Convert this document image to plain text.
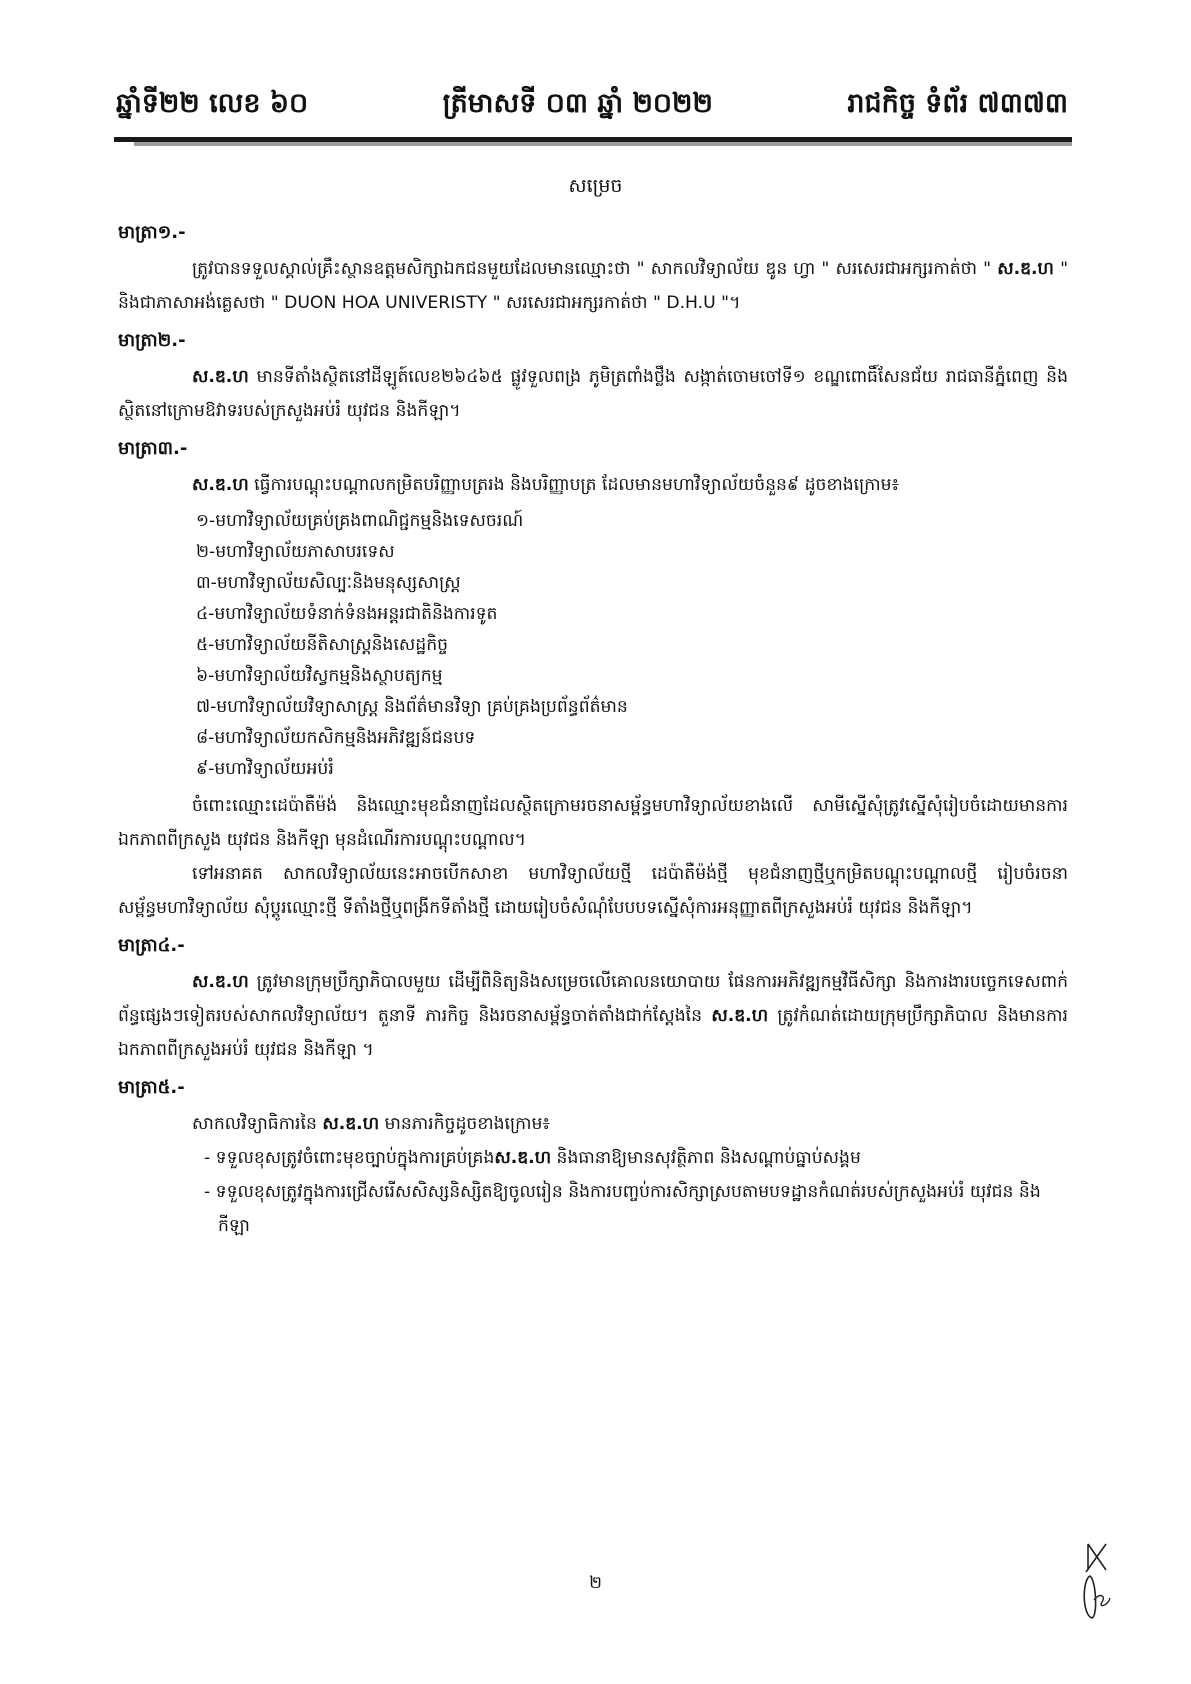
ឆ្នាំទី២២ លេខ ៦០	ត្រីមាសទី ០៣ ឆ្នាំ ២០២២	រាជកិច្ច ទំព័រ ៧៣៧៣
សម្រេច
មាត្រា១.-
ត្រូវបានទទួលស្គាល់គ្រឹះស្ថានឧត្តមសិក្សាឯកជនមួយដែលមានឈ្មោះថា " សាកលវិទ្យាល័យ ឌូន ហ្វា " សរសេរជាអក្សរកាត់ថា " ស.ឌ.ហ " និងជាភាសាអង់គ្លេសថា " DUON HOA UNIVERISTY " សរសេរជាអក្សរកាត់ថា " D.H.U "។
មាត្រា២.-
ស.ឌ.ហ មានទីតាំងស្ថិតនៅដីឡូត៍លេខ២៦៤៦៥ ផ្លូវទួលពង្រ ភូមិត្រពាំងថ្លឹង សង្កាត់ចោមចៅទី១ ខណ្ឌពោធិ៍សែនជ័យ រាជធានីភ្នំពេញ និងស្ថិតនៅក្រោមឱវាទរបស់ក្រសួងអប់រំ យុវជន និងកីឡា។
មាត្រា៣.-
ស.ឌ.ហ ធ្វើការបណ្តុះបណ្តាលកម្រិតបរិញ្ញាបត្ររង និងបរិញ្ញាបត្រ ដែលមានមហាវិទ្យាល័យចំនួន៩ ដូចខាងក្រោម៖
១-មហាវិទ្យាល័យគ្រប់គ្រងពាណិជ្ជកម្មនិងទេសចរណ៍
២-មហាវិទ្យាល័យភាសាបរទេស
៣-មហាវិទ្យាល័យសិល្បៈនិងមនុស្សសាស្ត្រ
៤-មហាវិទ្យាល័យទំនាក់ទំនងអន្តរជាតិនិងការទូត
៥-មហាវិទ្យាល័យនីតិសាស្ត្រនិងសេដ្ឋកិច្ច
៦-មហាវិទ្យាល័យវិស្វកម្មនិងស្ថាបត្យកម្ម
៧-មហាវិទ្យាល័យវិទ្យាសាស្ត្រ និងព័ត៌មានវិទ្យា គ្រប់គ្រងប្រព័ន្ធព័ត៌មាន
៨-មហាវិទ្យាល័យកសិកម្មនិងអភិវឌ្ឍន៍ជនបទ
៩-មហាវិទ្យាល័យអប់រំ
ចំពោះឈ្មោះដេប៉ាតឺម៉ង់ និងឈ្មោះមុខជំនាញដែលស្ថិតក្រោមរចនាសម្ព័ន្ធមហាវិទ្យាល័យខាងលើ សាមីស្នើសុំត្រូវស្នើសុំរៀបចំដោយមានការឯកភាពពីក្រសួង យុវជន និងកីឡា មុនដំណើរការបណ្តុះបណ្តាល។
ទៅអនាគត សាកលវិទ្យាល័យនេះអាចបើកសាខា មហាវិទ្យាល័យថ្មី ដេប៉ាតឺម៉ង់ថ្មី មុខជំនាញថ្មីឬកម្រិតបណ្តុះបណ្តាលថ្មី រៀបចំរចនាសម្ព័ន្ធមហាវិទ្យាល័យ សុំប្តូរឈ្មោះថ្មី ទីតាំងថ្មីឬពង្រីកទីតាំងថ្មី ដោយរៀបចំសំណុំបែបបទស្នើសុំការអនុញ្ញាតពីក្រសួងអប់រំ យុវជន និងកីឡា។
មាត្រា៤.-
ស.ឌ.ហ ត្រូវមានក្រុមប្រឹក្សាភិបាលមួយ ដើម្បីពិនិត្យនិងសម្រេចលើគោលនយោបាយ ផែនការអភិវឌ្ឍកម្មវិធីសិក្សា និងការងារបច្ចេកទេសពាក់ព័ន្ធផ្សេងៗទៀតរបស់សាកលវិទ្យាល័យ។ តួនាទី ភារកិច្ច និងរចនាសម្ព័ន្ធចាត់តាំងជាក់ស្តែងនៃ ស.ឌ.ហ ត្រូវកំណត់ដោយក្រុមប្រឹក្សាភិបាល និងមានការឯកភាពពីក្រសួងអប់រំ យុវជន និងកីឡា ។
មាត្រា៥.-
សាកលវិទ្យាធិការនៃ ស.ឌ.ហ មានភារកិច្ចដូចខាងក្រោម៖
- ទទួលខុសត្រូវចំពោះមុខច្បាប់ក្នុងការគ្រប់គ្រងស.ឌ.ហ និងធានាឱ្យមានសុវត្ថិភាព និងសណ្តាប់ធ្នាប់សង្គម
- ទទួលខុសត្រូវក្នុងការជ្រើសរើសសិស្សនិស្សិតឱ្យចូលរៀន និងការបញ្ចប់ការសិក្សាស្របតាមបទដ្ឋានកំណត់របស់ក្រសួងអប់រំ យុវជន និងកីឡា
២
